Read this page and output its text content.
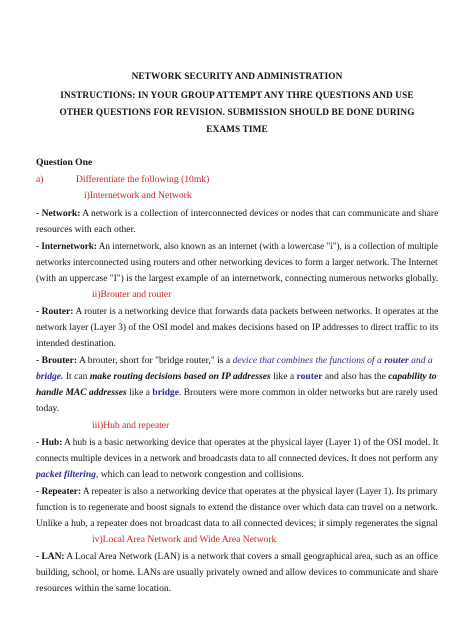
NETWORK SECURITY AND ADMINISTRATION
INSTRUCTIONS: IN YOUR GROUP ATTEMPT ANY THRE QUESTIONS AND USE
OTHER QUESTIONS FOR REVISION. SUBMISSION SHOULD BE DONE DURING
EXAMS TIME
Question One
a)	Differentiate the following (10mk)
i)Internetwork and Network
- Network: A network is a collection of interconnected devices or nodes that can communicate and share
resources with each other.
- Internetwork: An internetwork, also known as an internet (with a lowercase "i"), is a collection of multiple
networks interconnected using routers and other networking devices to form a larger network. The Internet
(with an uppercase "I") is the largest example of an internetwork, connecting numerous networks globally.
ii)Brouter and router
- Router: A router is a networking device that forwards data packets between networks. It operates at the
network layer (Layer 3) of the OSI model and makes decisions based on IP addresses to direct traffic to its
intended destination.
- Brouter: A brouter, short for "bridge router," is a device that combines the functions of a router and a
bridge. It can make routing decisions based on IP addresses like a router and also has the capability to
handle MAC addresses like a bridge. Brouters were more common in older networks but are rarely used
today.
iii)Hub and repeater
- Hub: A hub is a basic networking device that operates at the physical layer (Layer 1) of the OSI model. It
connects multiple devices in a network and broadcasts data to all connected devices. It does not perform any
packet filtering, which can lead to network congestion and collisions.
- Repeater: A repeater is also a networking device that operates at the physical layer (Layer 1). Its primary
function is to regenerate and boost signals to extend the distance over which data can travel on a network.
Unlike a hub, a repeater does not broadcast data to all connected devices; it simply regenerates the signal
iv)Local Area Network and Wide Area Network
- LAN: A Local Area Network (LAN) is a network that covers a small geographical area, such as an office
building, school, or home. LANs are usually privately owned and allow devices to communicate and share
resources within the same location.
